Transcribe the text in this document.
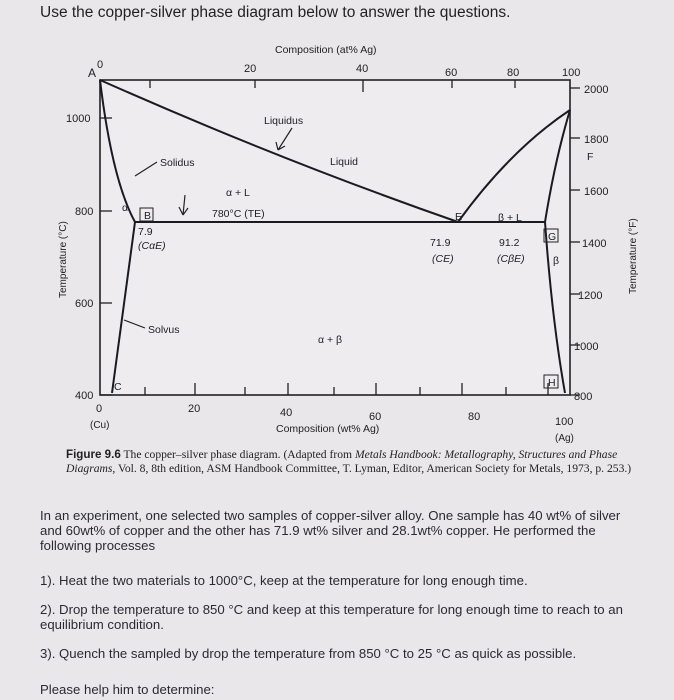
Use the copper-silver phase diagram below to answer the questions.
Composition (at% Ag)
0	20	40	60	80	100
0	20	40	60	80	100
(Cu)
(Ag)
Composition (wt% Ag)
1000
800
600
400
Temperature (°C)
2000
1800
1600
1400
1200
1000
800
Temperature (°F)
Liquidus
Liquid
Solidus
Solvus
α + L
780°C (TE)	β + L
α + β
α
β
A
B
C
E
F
G
H
7.9
(CαE)	71.9
(CE)
91.2
(CβE)
Figure 9.6 The copper–silver phase diagram. (Adapted from Metals Handbook: Metallography, Structures and Phase Diagrams, Vol. 8, 8th edition, ASM Handbook Committee, T. Lyman, Editor, American Society for Metals, 1973, p. 253.)
In an experiment, one selected two samples of copper-silver alloy. One sample has 40 wt% of silver and 60wt% of copper and the other has 71.9 wt% silver and 28.1wt% copper. He performed the following processes
1). Heat the two materials to 1000°C, keep at the temperature for long enough time.
2). Drop the temperature to 850 °C and keep at this temperature for long enough time to reach to an equilibrium condition.
3). Quench the sampled by drop the temperature from 850 °C to 25 °C as quick as possible.
Please help him to determine:
